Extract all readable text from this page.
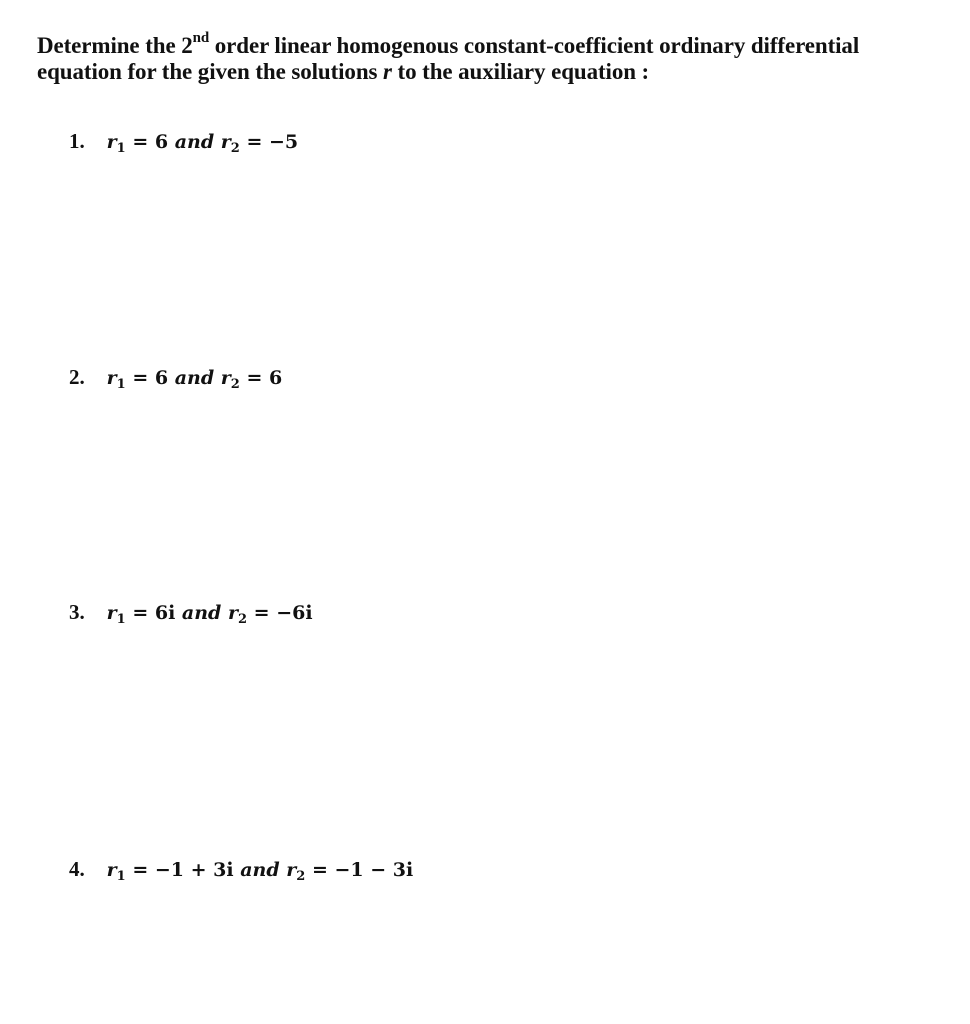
Determine the 2nd order linear homogenous constant-coefficient ordinary differential equation for the given the solutions r to the auxiliary equation :
1. $r_1 = 6$ and $r_2 = -5$
2. $r_1 = 6$ and $r_2 = 6$
3. $r_1 = 6i$ and $r_2 = -6i$
4. $r_1 = -1 + 3i$ and $r_2 = -1 - 3i$
